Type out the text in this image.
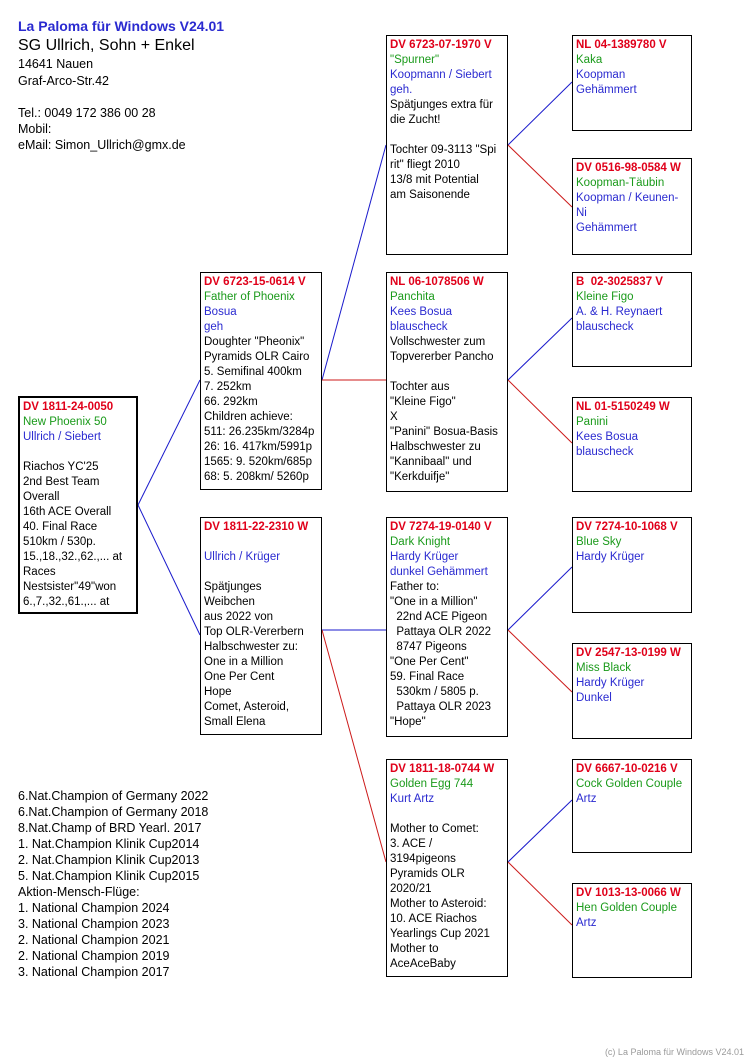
La Paloma für Windows V24.01
SG Ullrich, Sohn + Enkel
14641 Nauen
Graf-Arco-Str.42
Tel.: 0049 172 386 00 28
Mobil:
eMail: Simon_Ullrich@gmx.de
DV 1811-24-0050
New Phoenix 50
Ullrich / Siebert
Riachos YC'25
2nd Best Team
Overall
16th ACE Overall
40. Final Race
510km / 530p.
15.,18.,32.,62.,... at
Races
Nestsister"49"won
6.,7.,32.,61.,... at
DV 6723-15-0614 V
Father of Phoenix
Bosua
geh
Doughter "Pheonix"
Pyramids OLR Cairo
5. Semifinal 400km
7. 252km
66. 292km
Children achieve:
511: 26.235km/3284p
26: 16. 417km/5991p
1565: 9. 520km/685p
68: 5. 208km/ 5260p
DV 1811-22-2310 W
Ullrich / Krüger
Spätjunges
Weibchen
aus 2022 von
Top OLR-Vererbern
Halbschwester zu:
One in a Million
One Per Cent
Hope
Comet, Asteroid,
Small Elena
DV 6723-07-1970 V
"Spurner"
Koopmann / Siebert
geh.
Spätjunges extra für
die Zucht!
Tochter 09-3113 "Spi
rit" fliegt 2010
13/8 mit Potential
am Saisonende
NL 06-1078506 W
Panchita
Kees Bosua
blauscheck
Vollschwester zum
Topvererber Pancho
Tochter aus
"Kleine Figo"
X
"Panini" Bosua-Basis
Halbschwester zu
"Kannibaal" und
"Kerkduifje"
DV 7274-19-0140 V
Dark Knight
Hardy Krüger
dunkel Gehämmert
Father to:
"One in a Million"
22nd ACE Pigeon
Pattaya OLR 2022
8747 Pigeons
"One Per Cent"
59. Final Race
530km / 5805 p.
Pattaya OLR 2023
"Hope"
DV 1811-18-0744 W
Golden Egg 744
Kurt Artz
Mother to Comet:
3. ACE /
3194pigeons
Pyramids OLR
2020/21
Mother to Asteroid:
10. ACE Riachos
Yearlings Cup 2021
Mother to
AceAceBaby
NL 04-1389780 V
Kaka
Koopman
Gehämmert
DV 0516-98-0584 W
Koopman-Täubin
Koopman / Keunen-
Ni
Gehämmert
B  02-3025837 V
Kleine Figo
A. & H. Reynaert
blauscheck
NL 01-5150249 W
Panini
Kees Bosua
blauscheck
DV 7274-10-1068 V
Blue Sky
Hardy Krüger
DV 2547-13-0199 W
Miss Black
Hardy Krüger
Dunkel
DV 6667-10-0216 V
Cock Golden Couple
Artz
DV 1013-13-0066 W
Hen Golden Couple
Artz
6.Nat.Champion of Germany 2022
6.Nat.Champion of Germany 2018
8.Nat.Champ of BRD Yearl. 2017
1. Nat.Champion Klinik Cup2014
2. Nat.Champion Klinik Cup2013
5. Nat.Champion Klinik Cup2015
Aktion-Mensch-Flüge:
1. National Champion 2024
3. National Champion 2023
2. National Champion 2021
2. National Champion 2019
3. National Champion 2017
(c) La Paloma für Windows V24.01
